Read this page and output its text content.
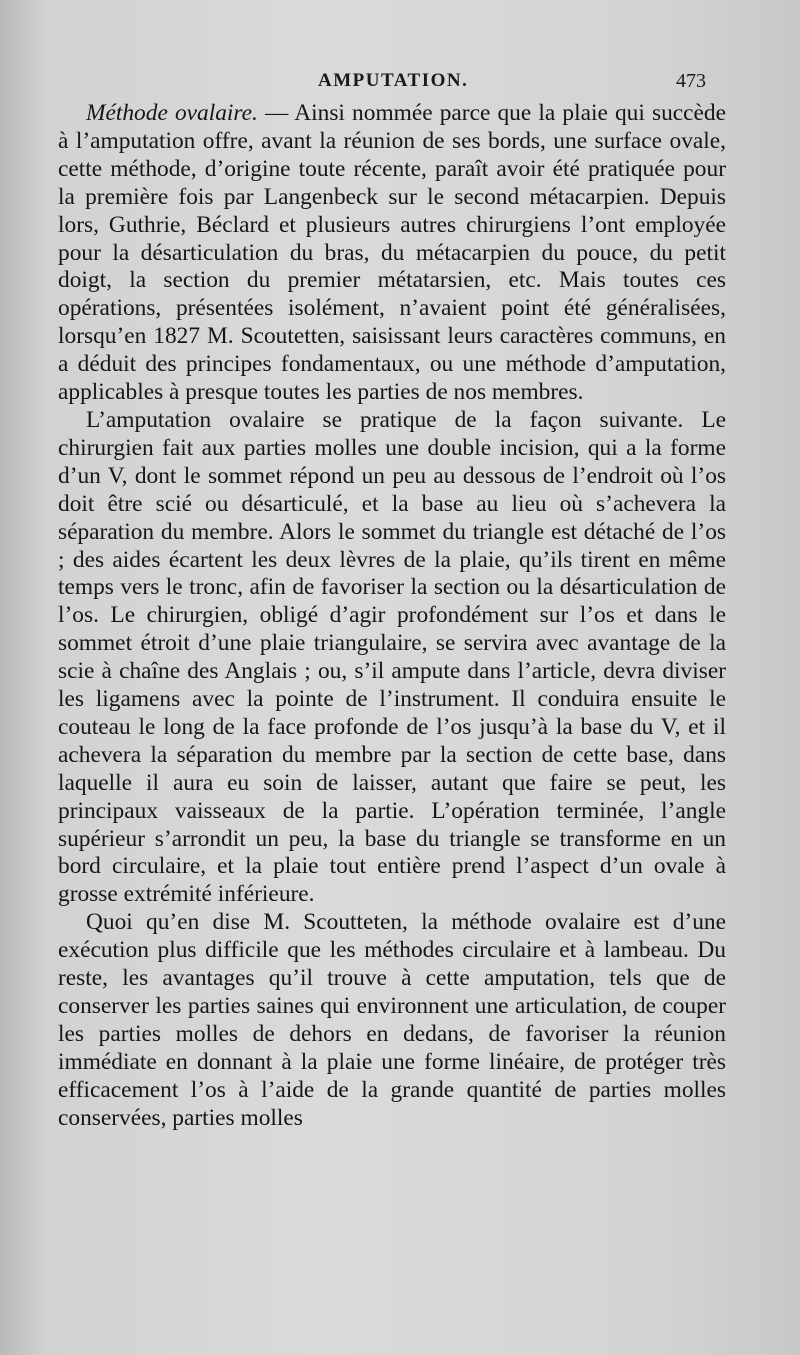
AMPUTATION.	473

Méthode ovalaire. — Ainsi nommée parce que la plaie qui succède à l’amputation offre, avant la réunion de ses bords, une surface ovale, cette méthode, d’origine toute récente, paraît avoir été pratiquée pour la première fois par Langenbeck sur le second métacarpien. Depuis lors, Guthrie, Béclard et plusieurs autres chirurgiens l’ont employée pour la désarticulation du bras, du métacarpien du pouce, du petit doigt, la section du premier métatarsien, etc. Mais toutes ces opérations, présentées isolément, n’avaient point été généralisées, lorsqu’en 1827 M. Scoutetten, saisissant leurs caractères communs, en a déduit des principes fondamentaux, ou une méthode d’amputation, applicables à presque toutes les parties de nos membres.

L’amputation ovalaire se pratique de la façon suivante. Le chirurgien fait aux parties molles une double incision, qui a la forme d’un V, dont le sommet répond un peu au dessous de l’endroit où l’os doit être scié ou désarticulé, et la base au lieu où s’achevera la séparation du membre. Alors le sommet du triangle est détaché de l’os ; des aides écartent les deux lèvres de la plaie, qu’ils tirent en même temps vers le tronc, afin de favoriser la section ou la désarticulation de l’os. Le chirurgien, obligé d’agir profondément sur l’os et dans le sommet étroit d’une plaie triangulaire, se servira avec avantage de la scie à chaîne des Anglais ; ou, s’il ampute dans l’article, devra diviser les ligamens avec la pointe de l’instrument. Il conduira ensuite le couteau le long de la face profonde de l’os jusqu’à la base du V, et il achevera la séparation du membre par la section de cette base, dans laquelle il aura eu soin de laisser, autant que faire se peut, les principaux vaisseaux de la partie. L’opération terminée, l’angle supérieur s’arrondit un peu, la base du triangle se transforme en un bord circulaire, et la plaie tout entière prend l’aspect d’un ovale à grosse extrémité inférieure.

Quoi qu’en dise M. Scoutteten, la méthode ovalaire est d’une exécution plus difficile que les méthodes circulaire et à lambeau. Du reste, les avantages qu’il trouve à cette amputation, tels que de conserver les parties saines qui environnent une articulation, de couper les parties molles de dehors en dedans, de favoriser la réunion immédiate en donnant à la plaie une forme linéaire, de protéger très efficacement l’os à l’aide de la grande quantité de parties molles conservées, parties molles
